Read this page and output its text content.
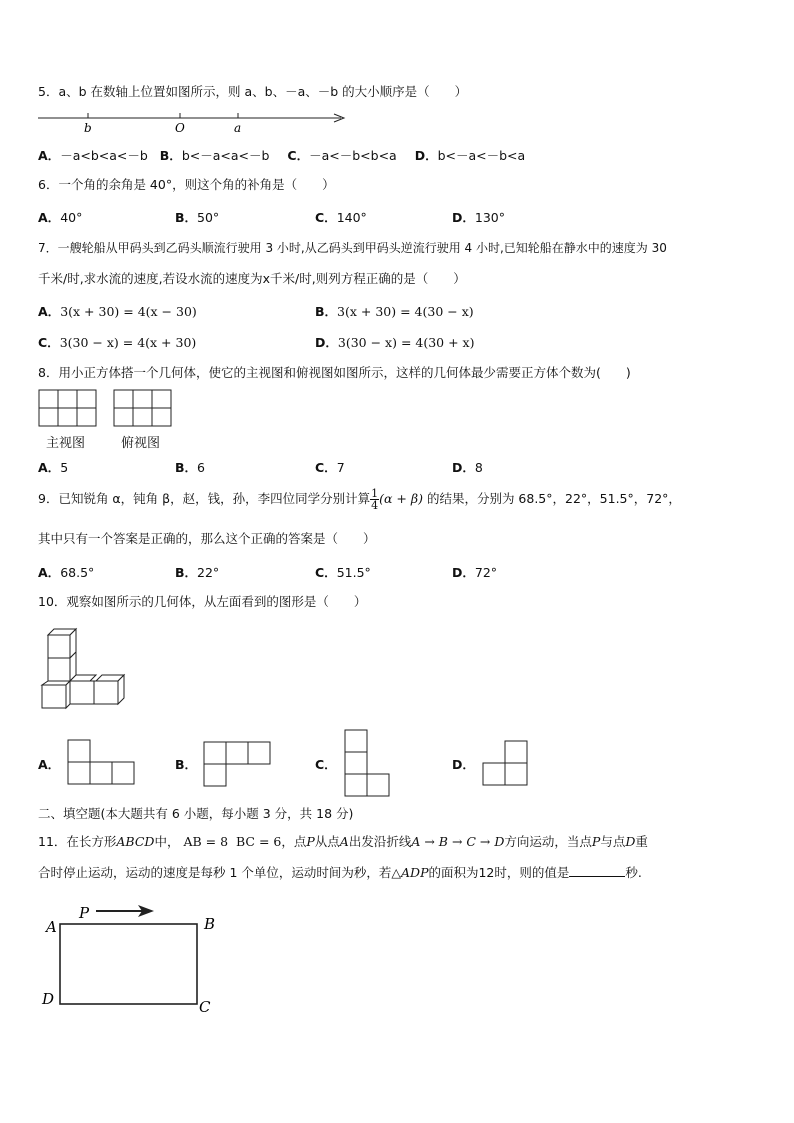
5．a、b 在数轴上位置如图所示，则 a、b、－a、－b 的大小顺序是（　　）
b	O	a
A．－a<b<a<－b B．b<－a<a<－b C．－a<－b<b<a D．b<－a<－b<a
6．一个角的余角是 40°，则这个角的补角是（　　）
A．40°	B．50°	C．140°	D．130°
7．一艘轮船从甲码头到乙码头顺流行驶用 3 小时,从乙码头到甲码头逆流行驶用 4 小时,已知轮船在静水中的速度为 30
千米/时,求水流的速度,若设水流的速度为x千米/时,则列方程正确的是（　　）
A．3(x + 30) = 4(x − 30)	B．3(x + 30) = 4(30 − x)
C．3(30 − x) = 4(x + 30)	D．3(30 − x) = 4(30 + x)
8．用小正方体搭一个几何体，使它的主视图和俯视图如图所示，这样的几何体最少需要正方体个数为(　　)
主视图	俯视图
A．5	B．6	C．7	D．8
9．已知锐角 α，钝角 β，赵，钱，孙，李四位同学分别计算 $\frac{1}{4} (\alpha + \beta)$ 的结果，分别为 68.5°，22°，51.5°，72°，
其中只有一个答案是正确的，那么这个正确的答案是（　　）
A．68.5°	B．22°	C．51.5°	D．72°
10．观察如图所示的几何体，从左面看到的图形是（　　）
A．	B．	C．	D．
二、填空题(本大题共有 6 小题，每小题 3 分，共 18 分)
11．在长方形ABCD中， AB = 8 BC = 6，点P从点A出发沿折线A → B → C → D方向运动，当点P与点D重
合时停止运动，运动的速度是每秒 1 个单位，运动时间为秒，若△ADP的面积为12时，则的值是	秒.
P
A	B
D	C
